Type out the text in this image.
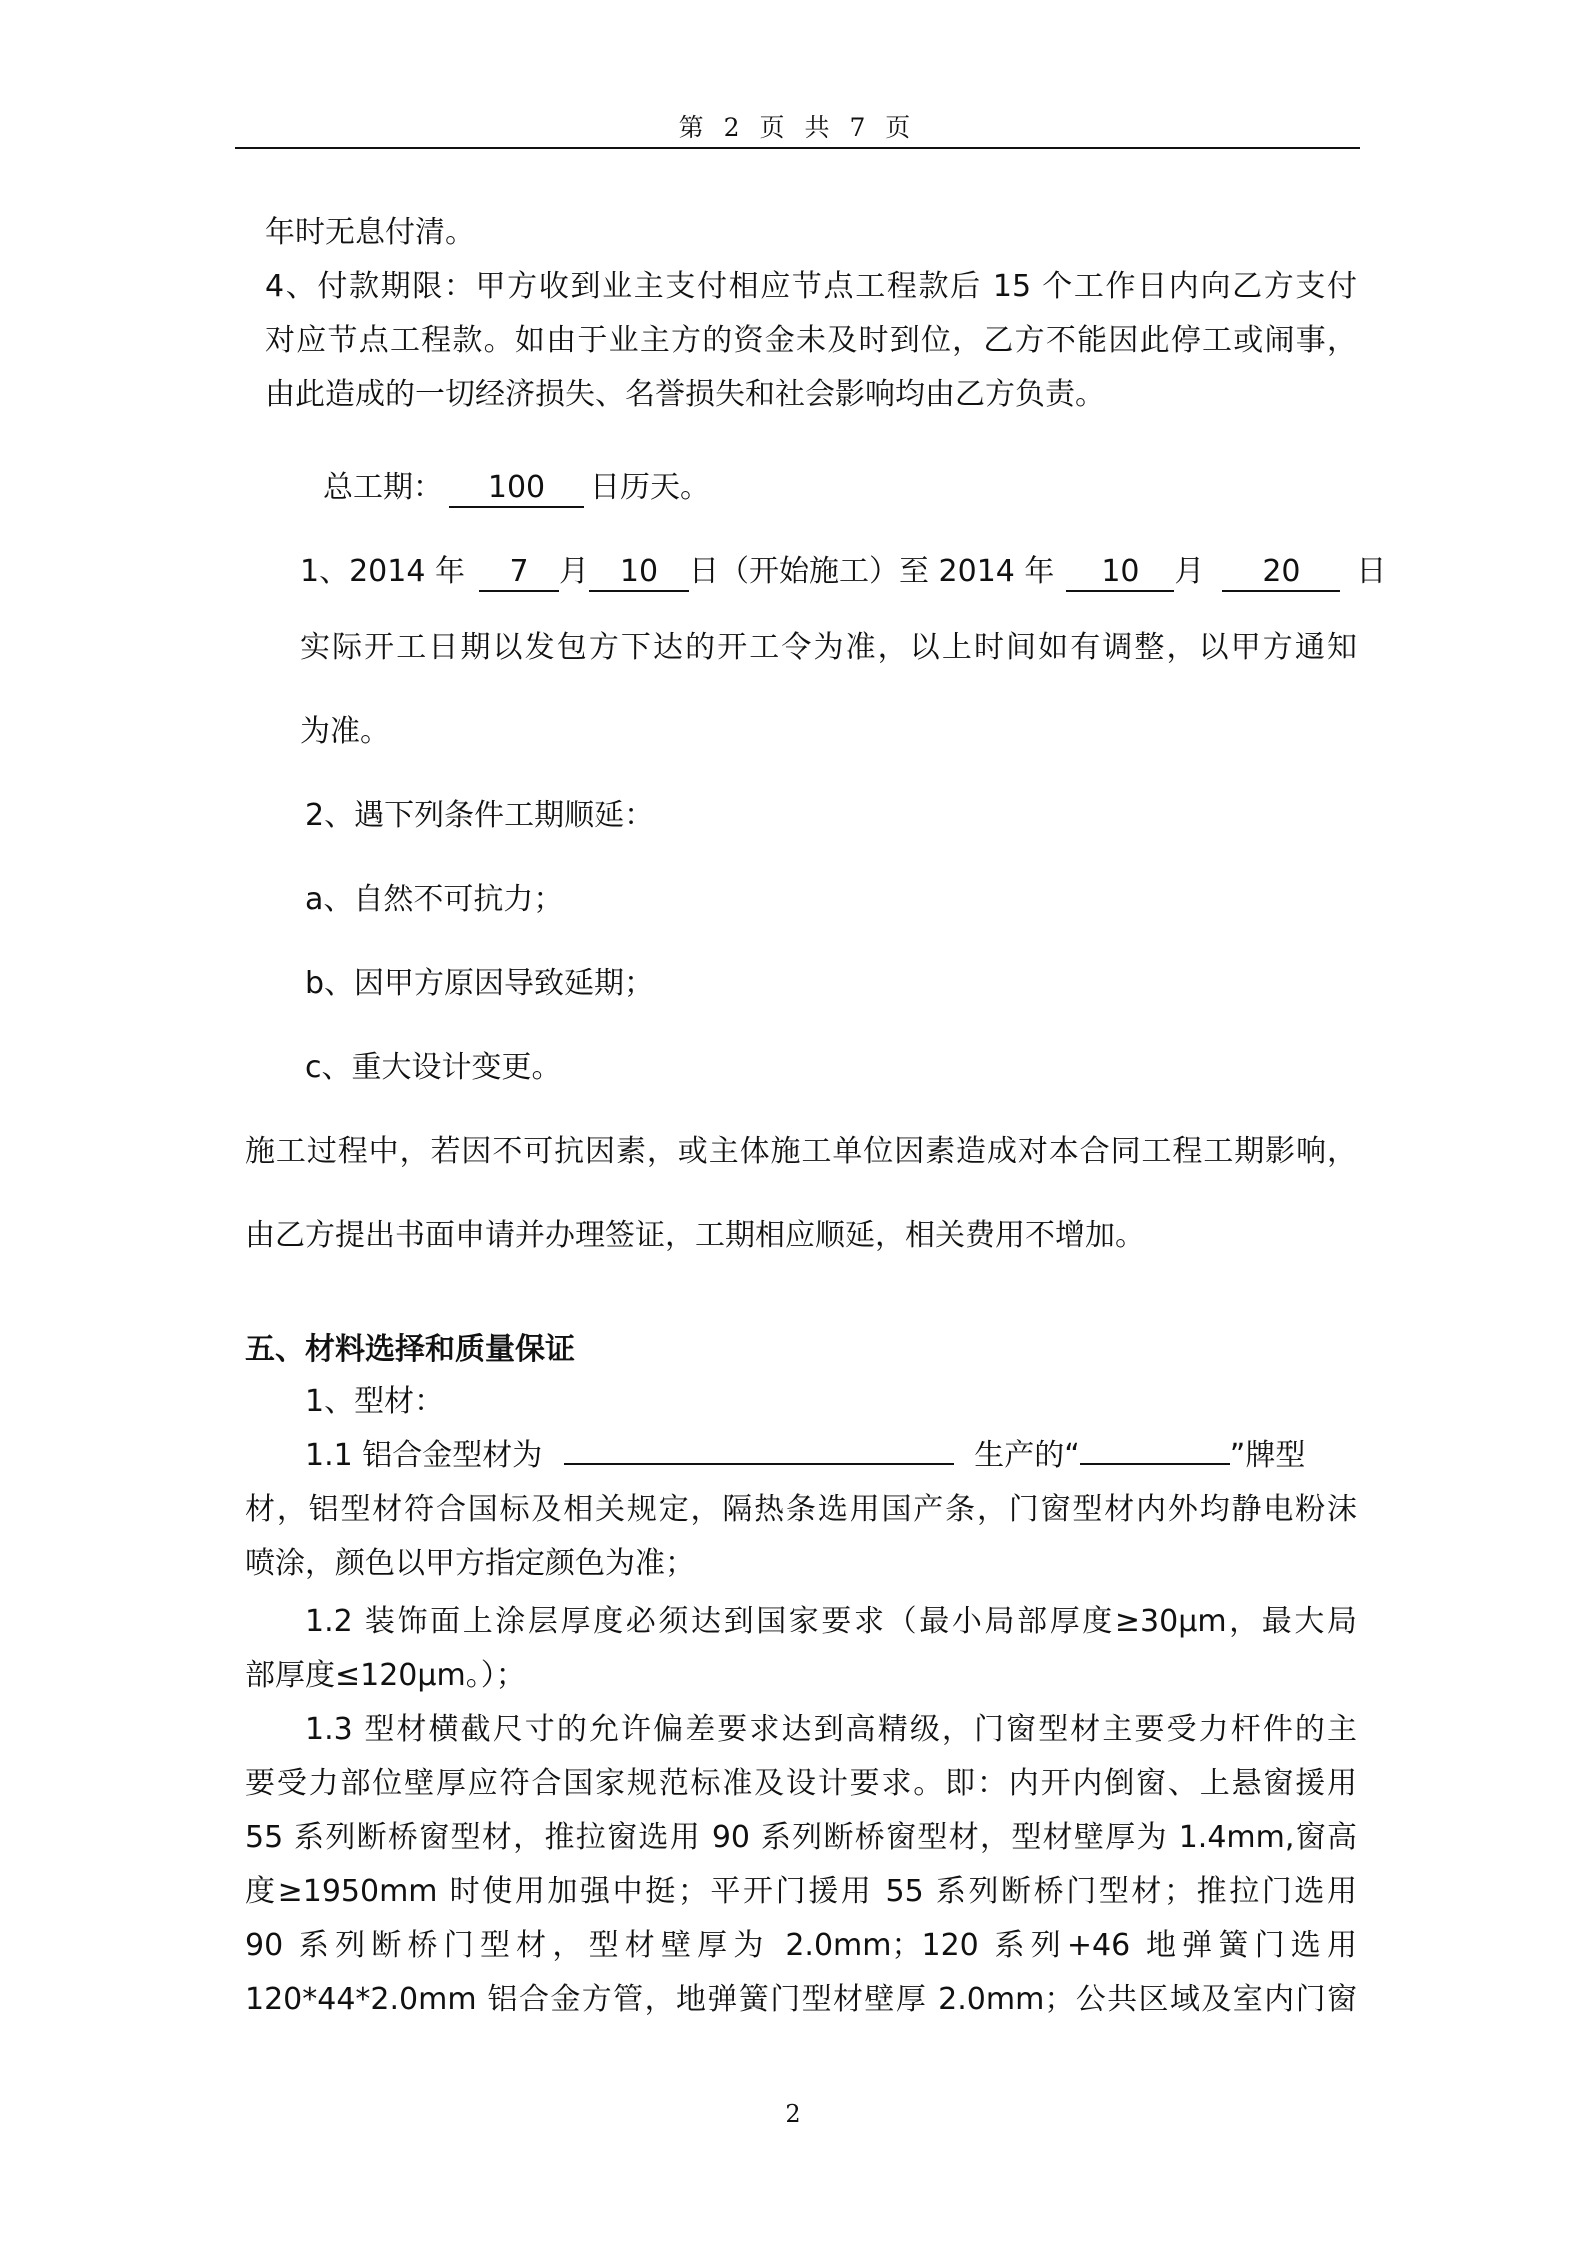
第 2 页 共 7 页
年时无息付清。
4、付款期限：甲方收到业主支付相应节点工程款后 15 个工作日内向乙方支付
对应节点工程款。如由于业主方的资金未及时到位，乙方不能因此停工或闹事，
由此造成的一切经济损失、名誉损失和社会影响均由乙方负责。
总工期： 100 日历天。
1、2014 年 7 月 10 日（开始施工）至 2014 年 10 月 20 日
实际开工日期以发包方下达的开工令为准，以上时间如有调整，以甲方通知
为准。
2、遇下列条件工期顺延：
a、自然不可抗力；
b、因甲方原因导致延期；
c、重大设计变更。
施工过程中，若因不可抗因素，或主体施工单位因素造成对本合同工程工期影响，
由乙方提出书面申请并办理签证，工期相应顺延，相关费用不增加。
五、材料选择和质量保证
1、型材：
1.1 铝合金型材为	生产的“	”牌型
材，铝型材符合国标及相关规定，隔热条选用国产条，门窗型材内外均静电粉沫
喷涂，颜色以甲方指定颜色为准；
1.2 装饰面上涂层厚度必须达到国家要求（最小局部厚度≥30μm，最大局
部厚度≤120μm。）；
1.3 型材横截尺寸的允许偏差要求达到高精级，门窗型材主要受力杆件的主
要受力部位壁厚应符合国家规范标准及设计要求。即：内开内倒窗、上悬窗援用
55 系列断桥窗型材，推拉窗选用 90 系列断桥窗型材，型材壁厚为 1.4mm,窗高
度≥1950mm 时使用加强中挺；平开门援用 55 系列断桥门型材；推拉门选用
90 系列断桥门型材，型材壁厚为 2.0mm；120 系列+46 地弹簧门选用
120*44*2.0mm 铝合金方管，地弹簧门型材壁厚 2.0mm；公共区域及室内门窗
2
